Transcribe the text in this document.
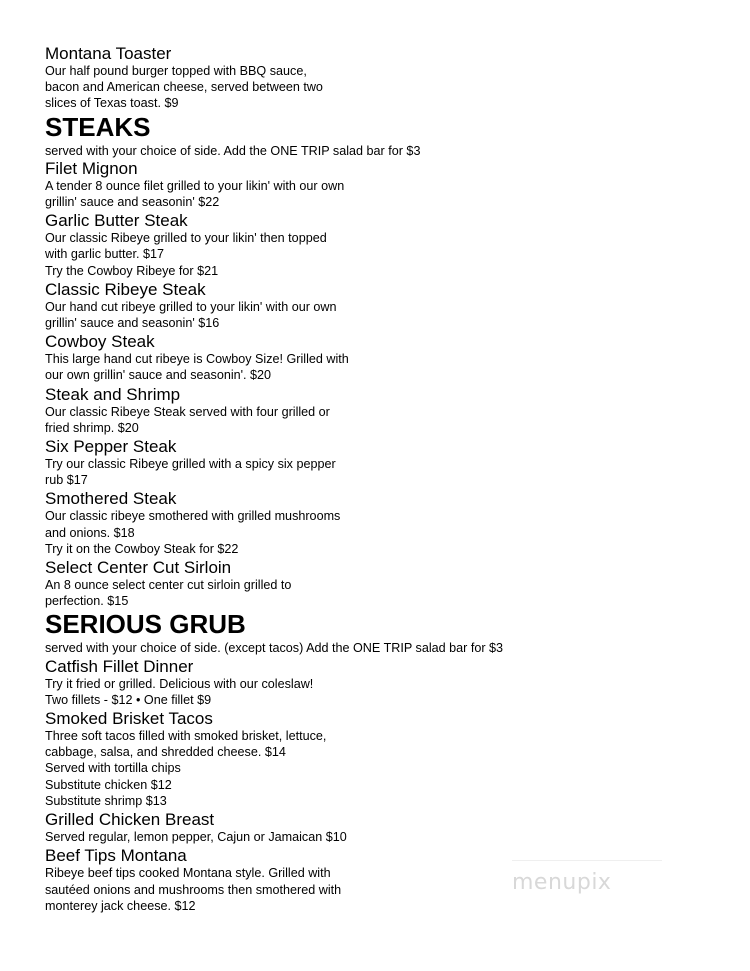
Montana Toaster

Our half pound burger topped with BBQ sauce,

bacon and American cheese, served between two

slices of Texas toast. $9

STEAKS

served with your choice of side. Add the ONE TRIP salad bar for $3

Filet Mignon

A tender 8 ounce filet grilled to your likin' with our own

grillin' sauce and seasonin' $22

Garlic Butter Steak

Our classic Ribeye grilled to your likin' then topped

with garlic butter. $17

Try the Cowboy Ribeye for $21

Classic Ribeye Steak

Our hand cut ribeye grilled to your likin' with our own

grillin' sauce and seasonin' $16

Cowboy Steak

This large hand cut ribeye is Cowboy Size! Grilled with

our own grillin' sauce and seasonin'. $20

Steak and Shrimp

Our classic Ribeye Steak served with four grilled or

fried shrimp. $20

Six Pepper Steak

Try our classic Ribeye grilled with a spicy six pepper

rub $17

Smothered Steak

Our classic ribeye smothered with grilled mushrooms

and onions. $18

Try it on the Cowboy Steak for $22

Select Center Cut Sirloin

An 8 ounce select center cut sirloin grilled to

perfection. $15

SERIOUS GRUB

served with your choice of side. (except tacos) Add the ONE TRIP salad bar for $3

Catfish Fillet Dinner

Try it fried or grilled. Delicious with our coleslaw!

Two fillets - $12 • One fillet $9

Smoked Brisket Tacos

Three soft tacos filled with smoked brisket, lettuce,

cabbage, salsa, and shredded cheese. $14

Served with tortilla chips

Substitute chicken $12

Substitute shrimp $13

Grilled Chicken Breast

Served regular, lemon pepper, Cajun or Jamaican $10

Beef Tips Montana

Ribeye beef tips cooked Montana style. Grilled with

sautéed onions and mushrooms then smothered with

monterey jack cheese. $12

menupix
